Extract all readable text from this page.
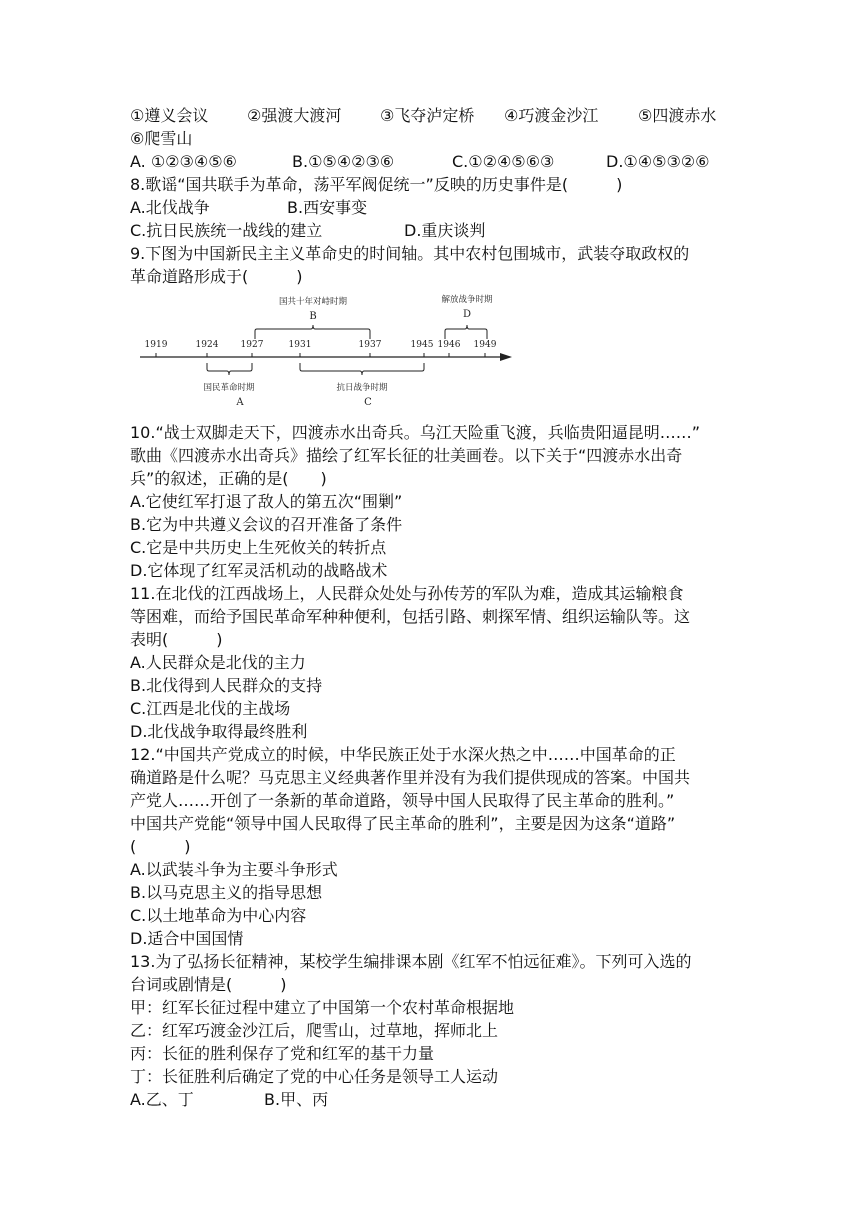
①遵义会议 ②强渡大渡河 ③飞夺泸定桥 ④巧渡金沙江 ⑤四渡赤水
⑥爬雪山
A. ①②③④⑤⑥	B.①⑤④②③⑥	C.①②④⑤⑥③	D.①④⑤③②⑥
8.歌谣“国共联手为革命，荡平军阀促统一”反映的历史事件是(　　　)
A.北伐战争	B.西安事变
C.抗日民族统一战线的建立	D.重庆谈判
9.下图为中国新民主主义革命史的时间轴。其中农村包围城市，武装夺取政权的
革命道路形成于(　　　)
1919	1924 1927	1931	1937	1945 1946 1949
国共十年对峙时期
B
解放战争时期
D
国民革命时期
A
抗日战争时期
C
10.“战士双脚走天下，四渡赤水出奇兵。乌江天险重飞渡，兵临贵阳逼昆明……”
歌曲《四渡赤水出奇兵》描绘了红军长征的壮美画卷。以下关于“四渡赤水出奇
兵”的叙述，正确的是(　　)
A.它使红军打退了敌人的第五次“围剿”
B.它为中共遵义会议的召开准备了条件
C.它是中共历史上生死攸关的转折点
D.它体现了红军灵活机动的战略战术
11.在北伐的江西战场上，人民群众处处与孙传芳的军队为难，造成其运输粮食
等困难，而给予国民革命军种种便利，包括引路、刺探军情、组织运输队等。这
表明(　　　)
A.人民群众是北伐的主力
B.北伐得到人民群众的支持
C.江西是北伐的主战场
D.北伐战争取得最终胜利
12.“中国共产党成立的时候，中华民族正处于水深火热之中……中国革命的正
确道路是什么呢？马克思主义经典著作里并没有为我们提供现成的答案。中国共
产党人……开创了一条新的革命道路，领导中国人民取得了民主革命的胜利。”
中国共产党能“领导中国人民取得了民主革命的胜利”，主要是因为这条“道路”
(　　　)
A.以武装斗争为主要斗争形式
B.以马克思主义的指导思想
C.以土地革命为中心内容
D.适合中国国情
13.为了弘扬长征精神，某校学生编排课本剧《红军不怕远征难》。下列可入选的
台词或剧情是(　　　)
甲：红军长征过程中建立了中国第一个农村革命根据地
乙：红军巧渡金沙江后，爬雪山，过草地，挥师北上
丙：长征的胜利保存了党和红军的基干力量
丁：长征胜利后确定了党的中心任务是领导工人运动
A.乙、丁	B.甲、丙
